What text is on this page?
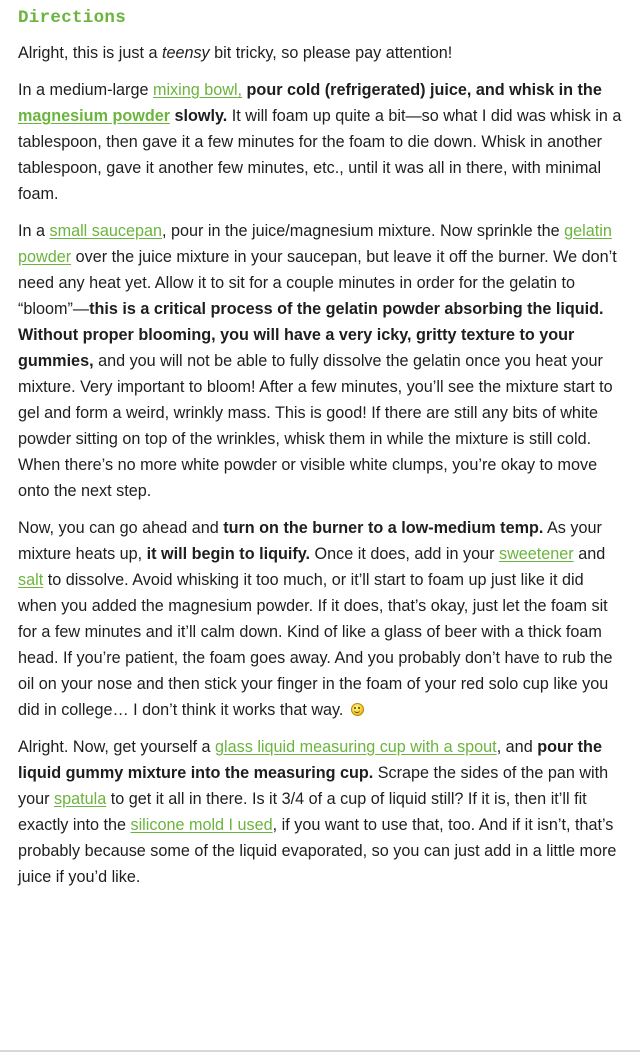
Directions

Alright, this is just a teensy bit tricky, so please pay attention!

In a medium-large mixing bowl, pour cold (refrigerated) juice, and whisk in the magnesium powder slowly. It will foam up quite a bit—so what I did was whisk in a tablespoon, then gave it a few minutes for the foam to die down. Whisk in another tablespoon, gave it another few minutes, etc., until it was all in there, with minimal foam.

In a small saucepan, pour in the juice/magnesium mixture. Now sprinkle the gelatin powder over the juice mixture in your saucepan, but leave it off the burner. We don’t need any heat yet. Allow it to sit for a couple minutes in order for the gelatin to “bloom”—this is a critical process of the gelatin powder absorbing the liquid. Without proper blooming, you will have a very icky, gritty texture to your gummies, and you will not be able to fully dissolve the gelatin once you heat your mixture. Very important to bloom! After a few minutes, you’ll see the mixture start to gel and form a weird, wrinkly mass. This is good! If there are still any bits of white powder sitting on top of the wrinkles, whisk them in while the mixture is still cold. When there’s no more white powder or visible white clumps, you’re okay to move onto the next step.

Now, you can go ahead and turn on the burner to a low-medium temp. As your mixture heats up, it will begin to liquify. Once it does, add in your sweetener and salt to dissolve. Avoid whisking it too much, or it’ll start to foam up just like it did when you added the magnesium powder. If it does, that’s okay, just let the foam sit for a few minutes and it’ll calm down. Kind of like a glass of beer with a thick foam head. If you’re patient, the foam goes away. And you probably don’t have to rub the oil on your nose and then stick your finger in the foam of your red solo cup like you did in college… I don’t think it works that way.

Alright. Now, get yourself a glass liquid measuring cup with a spout, and pour the liquid gummy mixture into the measuring cup. Scrape the sides of the pan with your spatula to get it all in there. Is it 3/4 of a cup of liquid still? If it is, then it’ll fit exactly into the silicone mold I used, if you want to use that, too. And if it isn’t, that’s probably because some of the liquid evaporated, so you can just add in a little more juice if you’d like.
